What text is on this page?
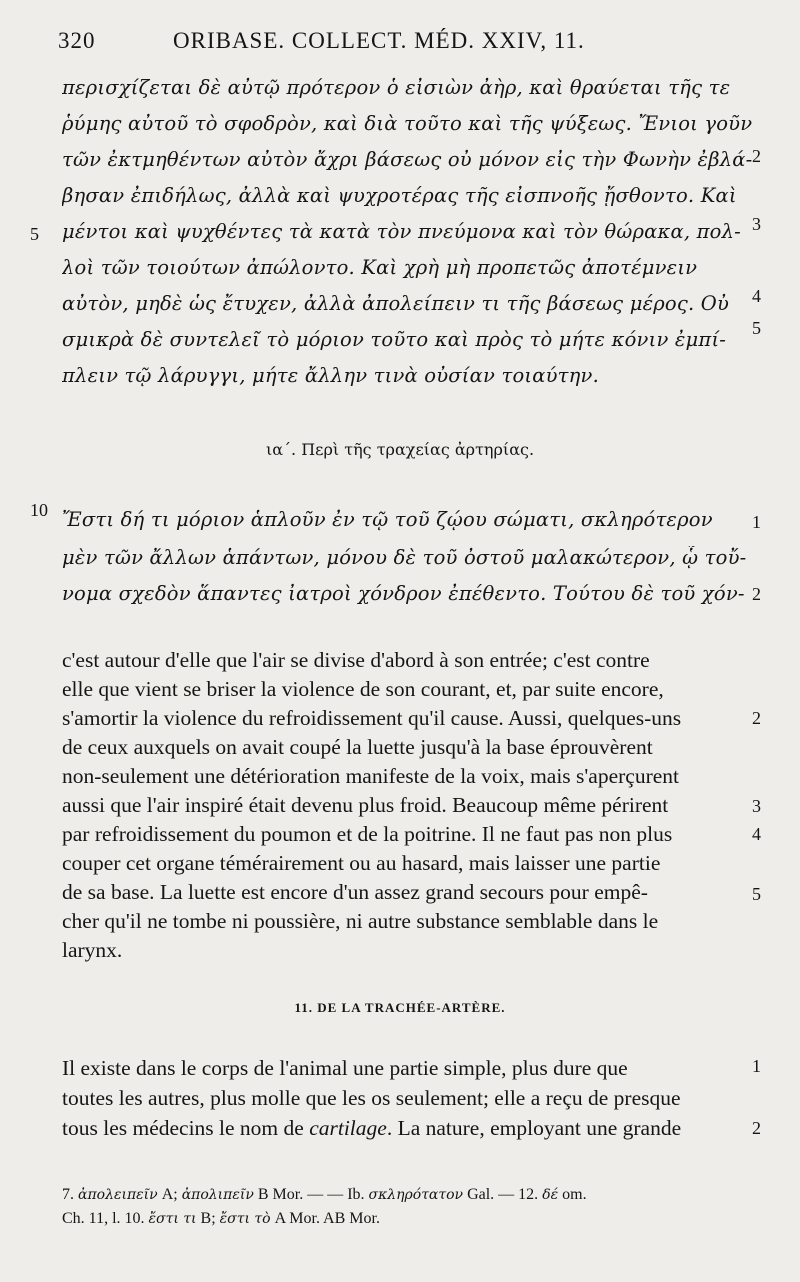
320	ORIBASE. COLLECT. MÉD. XXIV, 11.
περισχίζεται δὲ αὐτῷ πρότερον ὁ εἰσιὼν ἀὴρ, καὶ θραύεται τῆς τε
ῥύμης αὐτοῦ τὸ σφοδρὸν, καὶ διὰ τοῦτο καὶ τῆς ψύξεως. Ἔνιοι γοῦν
τῶν ἐκτμηθέντων αὐτὸν ἄχρι βάσεως οὐ μόνον εἰς τὴν Φωνὴν ἐβλά-
βησαν ἐπιδήλως, ἀλλὰ καὶ ψυχροτέρας τῆς εἰσπνοῆς ᾔσθοντο. Καὶ
μέντοι καὶ ψυχθέντες τὰ κατὰ τὸν πνεύμονα καὶ τὸν θώρακα, πολ-
λοὶ τῶν τοιούτων ἀπώλοντο. Καὶ χρὴ μὴ προπετῶς ἀποτέμνειν
αὐτὸν, μηδὲ ὡς ἔτυχεν, ἀλλὰ ἀπολείπειν τι τῆς βάσεως μέρος. Οὐ
σμικρὰ δὲ συντελεῖ τὸ μόριον τοῦτο καὶ πρὸς τὸ μήτε κόνιν ἐμπί-
πλειν τῷ λάρυγγι, μήτε ἄλλην τινὰ οὐσίαν τοιαύτην.
5
2
3
4
5
ια΄. Περὶ τῆς τραχείας ἀρτηρίας.
Ἔστι δή τι μόριον ἁπλοῦν ἐν τῷ τοῦ ζῴου σώματι, σκληρότερον
μὲν τῶν ἄλλων ἁπάντων, μόνου δὲ τοῦ ὀστοῦ μαλακώτερον, ᾧ τοὔ-
νομα σχεδὸν ἅπαντες ἰατροὶ χόνδρον ἐπέθεντο. Τούτου δὲ τοῦ χόν-
10
1
2
c'est autour d'elle que l'air se divise d'abord à son entrée; c'est contre
elle que vient se briser la violence de son courant, et, par suite encore,
s'amortir la violence du refroidissement qu'il cause. Aussi, quelques-uns
de ceux auxquels on avait coupé la luette jusqu'à la base éprouvèrent
non-seulement une détérioration manifeste de la voix, mais s'aperçurent
aussi que l'air inspiré était devenu plus froid. Beaucoup même périrent
par refroidissement du poumon et de la poitrine. Il ne faut pas non plus
couper cet organe témérairement ou au hasard, mais laisser une partie
de sa base. La luette est encore d'un assez grand secours pour empê-
cher qu'il ne tombe ni poussière, ni autre substance semblable dans le
larynx.
2
3
4
5
11. DE LA TRACHÉE-ARTÈRE.
Il existe dans le corps de l'animal une partie simple, plus dure que
toutes les autres, plus molle que les os seulement; elle a reçu de presque
tous les médecins le nom de cartilage. La nature, employant une grande
1
2
7. ἀπολειπεῖν A; ἀπολιπεῖν B Mor. — — Ib. σκληρότατον Gal. — 12. δέ om.
Ch. 11, l. 10. ἔστι τι B; ἔστι τὸ A Mor. AB Mor.
